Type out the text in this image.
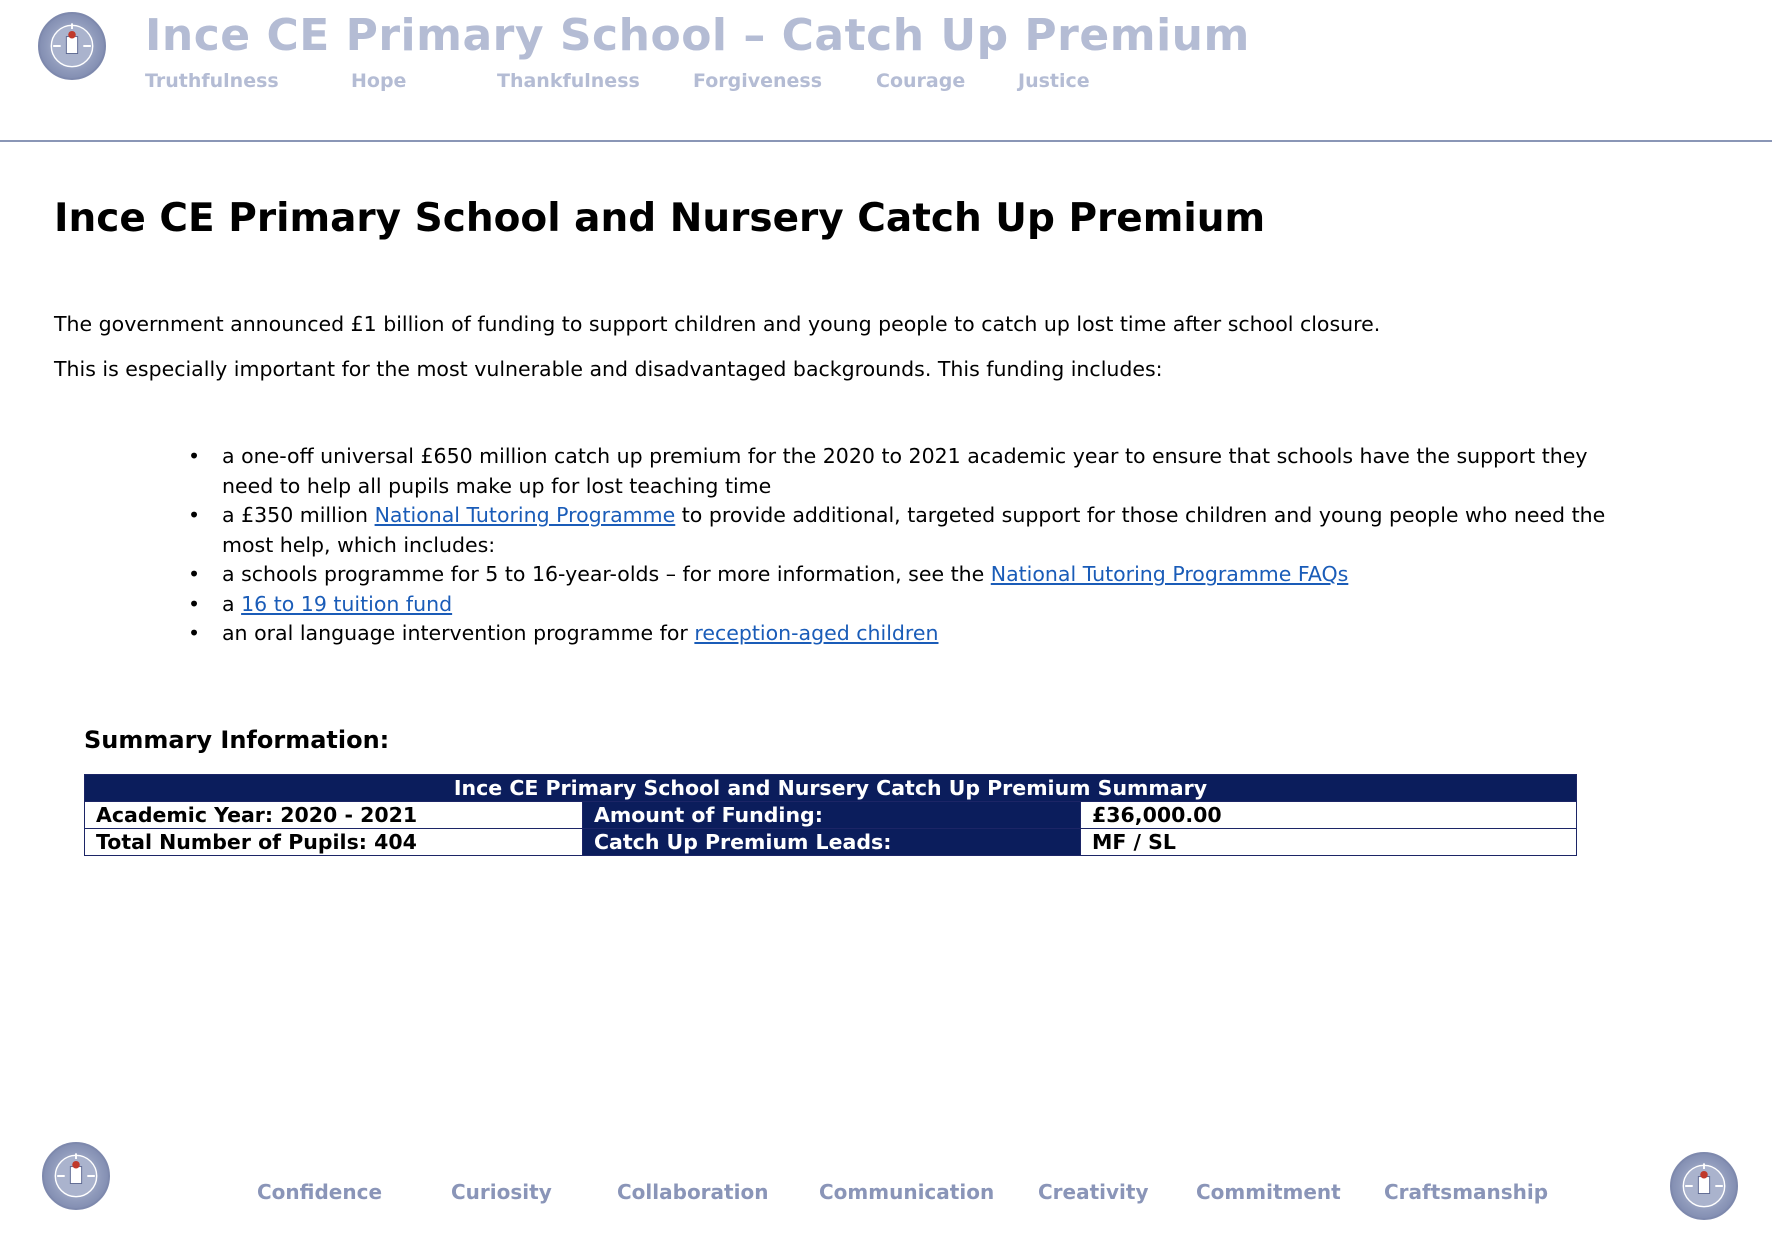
Ince CE Primary School – Catch Up Premium
Truthfulness	Hope	Thankfulness	Forgiveness	Courage	Justice
Ince CE Primary School and Nursery Catch Up Premium

The government announced £1 billion of funding to support children and young people to catch up lost time after school closure.

This is especially important for the most vulnerable and disadvantaged backgrounds. This funding includes:

• a one-off universal £650 million catch up premium for the 2020 to 2021 academic year to ensure that schools have the support they need to help all pupils make up for lost teaching time
• a £350 million National Tutoring Programme to provide additional, targeted support for those children and young people who need the most help, which includes:
• a schools programme for 5 to 16-year-olds – for more information, see the National Tutoring Programme FAQs
• a 16 to 19 tuition fund
• an oral language intervention programme for reception-aged children
Summary Information:
Ince CE Primary School and Nursery Catch Up Premium Summary		
Academic Year: 2020 - 2021	Amount of Funding:	£36,000.00
Total Number of Pupils: 404	Catch Up Premium Leads:	MF / SL
Confidence	Curiosity	Collaboration	Communication Creativity Commitment Craftsmanship
